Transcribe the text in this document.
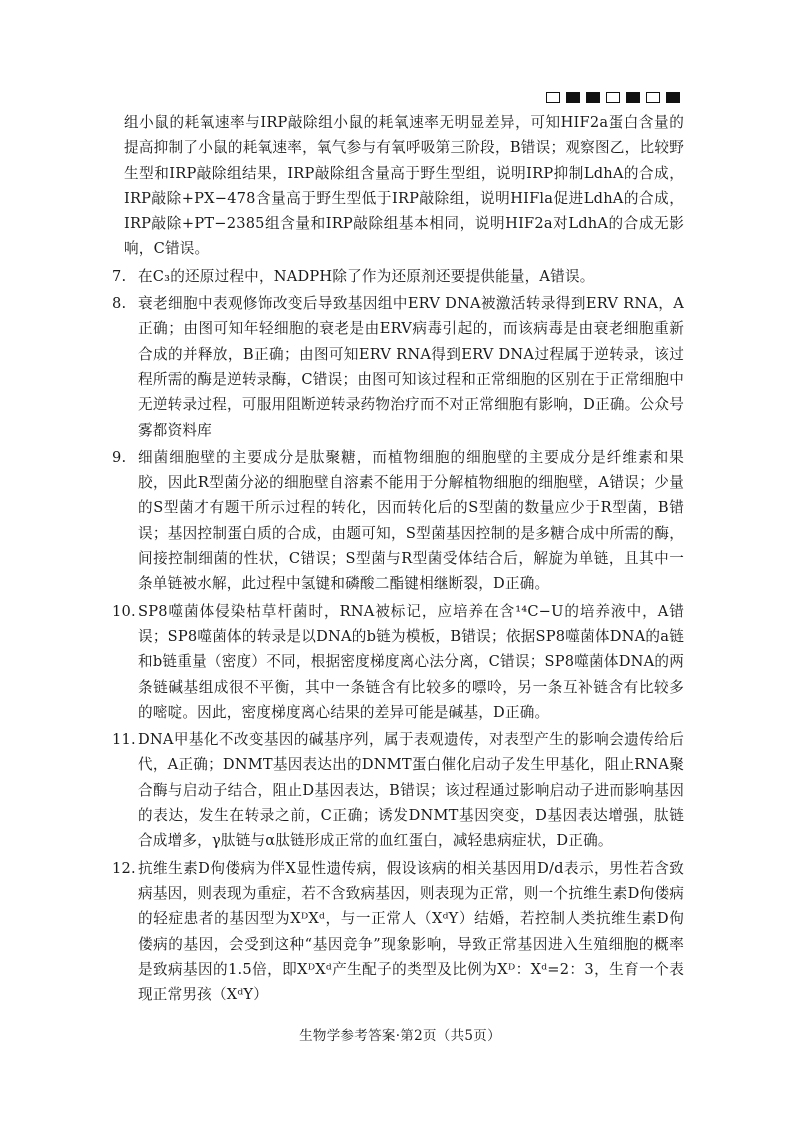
组小鼠的耗氧速率与IRP敲除组小鼠的耗氧速率无明显差异，可知HIF2a蛋白含量的提高抑制了小鼠的耗氧速率，氧气参与有氧呼吸第三阶段，B错误；观察图乙，比较野生型和IRP敲除组结果，IRP敲除组含量高于野生型组，说明IRP抑制LdhA的合成，IRP敲除+PX−478含量高于野生型低于IRP敲除组，说明HIFla促进LdhA的合成，IRP敲除+PT−2385组含量和IRP敲除组基本相同，说明HIF2a对LdhA的合成无影响，C错误。

7. 在C₃的还原过程中，NADPH除了作为还原剂还要提供能量，A错误。

8. 衰老细胞中表观修饰改变后导致基因组中ERV DNA被激活转录得到ERV RNA，A正确；由图可知年轻细胞的衰老是由ERV病毒引起的，而该病毒是由衰老细胞重新合成的并释放，B正确；由图可知ERV RNA得到ERV DNA过程属于逆转录，该过程所需的酶是逆转录酶，C错误；由图可知该过程和正常细胞的区别在于正常细胞中无逆转录过程，可服用阻断逆转录药物治疗而不对正常细胞有影响，D正确。公众号雾都资料库

9. 细菌细胞壁的主要成分是肽聚糖，而植物细胞的细胞壁的主要成分是纤维素和果胶，因此R型菌分泌的细胞壁自溶素不能用于分解植物细胞的细胞壁，A错误；少量的S型菌才有题干所示过程的转化，因而转化后的S型菌的数量应少于R型菌，B错误；基因控制蛋白质的合成，由题可知，S型菌基因控制的是多糖合成中所需的酶，间接控制细菌的性状，C错误；S型菌与R型菌受体结合后，解旋为单链，且其中一条单链被水解，此过程中氢键和磷酸二酯键相继断裂，D正确。

10. SP8噬菌体侵染枯草杆菌时，RNA被标记，应培养在含¹⁴C−U的培养液中，A错误；SP8噬菌体的转录是以DNA的b链为模板，B错误；依据SP8噬菌体DNA的a链和b链重量（密度）不同，根据密度梯度离心法分离，C错误；SP8噬菌体DNA的两条链碱基组成很不平衡，其中一条链含有比较多的嘌呤，另一条互补链含有比较多的嘧啶。因此，密度梯度离心结果的差异可能是碱基，D正确。

11. DNA甲基化不改变基因的碱基序列，属于表观遗传，对表型产生的影响会遗传给后代，A正确；DNMT基因表达出的DNMT蛋白催化启动子发生甲基化，阻止RNA聚合酶与启动子结合，阻止D基因表达，B错误；该过程通过影响启动子进而影响基因的表达，发生在转录之前，C正确；诱发DNMT基因突变，D基因表达增强，肽链合成增多，γ肽链与α肽链形成正常的血红蛋白，减轻患病症状，D正确。

12. 抗维生素D佝偻病为伴X显性遗传病，假设该病的相关基因用D/d表示，男性若含致病基因，则表现为重症，若不含致病基因，则表现为正常，则一个抗维生素D佝偻病的轻症患者的基因型为XᴰXᵈ，与一正常人（XᵈY）结婚，若控制人类抗维生素D佝偻病的基因，会受到这种“基因竞争”现象影响，导致正常基因进入生殖细胞的概率是致病基因的1.5倍，即XᴰXᵈ产生配子的类型及比例为Xᴰ：Xᵈ=2：3，生育一个表现正常男孩（XᵈY）

生物学参考答案·第2页（共5页）
